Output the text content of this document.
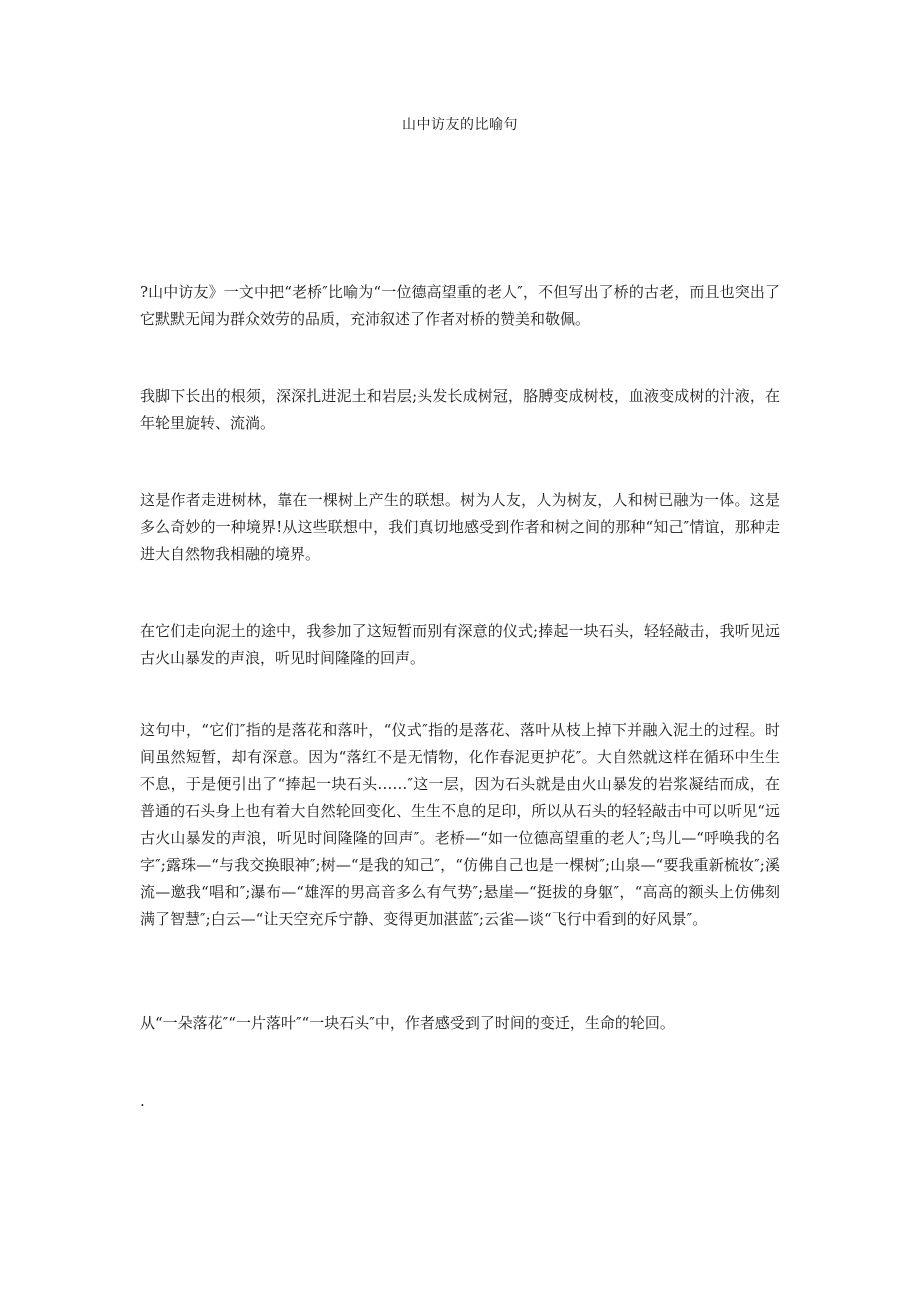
山中访友的比喻句

?山中访友》一文中把“老桥″比喻为“一位德高望重的老人″，不但写出了桥的古老，而且也突出了它默默无闻为群众效劳的品质，充沛叙述了作者对桥的赞美和敬佩。

我脚下长出的根须，深深扎进泥土和岩层;头发长成树冠，胳膊变成树枝，血液变成树的汁液，在年轮里旋转、流淌。

这是作者走进树林，靠在一棵树上产生的联想。树为人友，人为树友，人和树已融为一体。这是多么奇妙的一种境界!从这些联想中，我们真切地感受到作者和树之间的那种“知己″情谊，那种走进大自然物我相融的境界。

在它们走向泥土的途中，我参加了这短暂而别有深意的仪式;捧起一块石头，轻轻敲击，我听见远古火山暴发的声浪，听见时间隆隆的回声。

这句中，“它们″指的是落花和落叶，“仪式″指的是落花、落叶从枝上掉下并融入泥土的过程。时间虽然短暂，却有深意。因为“落红不是无情物，化作春泥更护花″。大自然就这样在循环中生生不息，于是便引出了“捧起一块石头……″这一层，因为石头就是由火山暴发的岩浆凝结而成，在普通的石头身上也有着大自然轮回变化、生生不息的足印，所以从石头的轻轻敲击中可以听见“远古火山暴发的声浪，听见时间隆隆的回声″。老桥—“如一位德高望重的老人″;鸟儿—“呼唤我的名字″;露珠—“与我交换眼神″;树—“是我的知己″，“仿佛自己也是一棵树″;山泉—“要我重新梳妆″;溪流—邀我“唱和″;瀑布—“雄浑的男高音多么有气势″;悬崖—“挺拔的身躯″，“高高的额头上仿佛刻满了智慧″;白云—“让天空充斥宁静、变得更加湛蓝″;云雀—谈“飞行中看到的好风景″。

从“一朵落花″“一片落叶″“一块石头″中，作者感受到了时间的变迁，生命的轮回。

.
